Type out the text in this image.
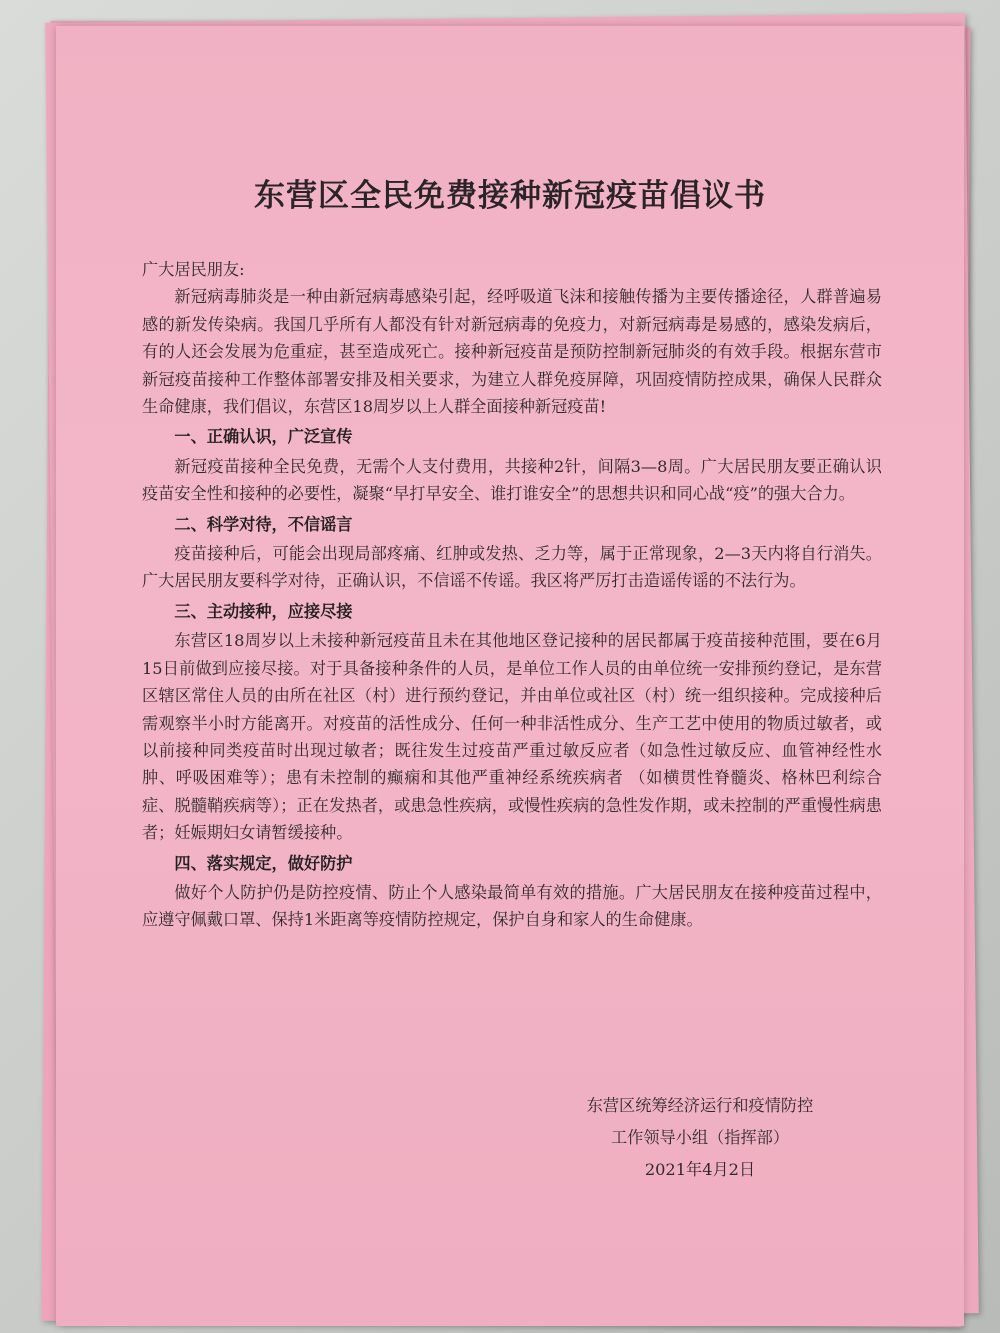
东营区全民免费接种新冠疫苗倡议书

广大居民朋友:

新冠病毒肺炎是一种由新冠病毒感染引起，经呼吸道飞沫和接触传播为主要传播途径，人群普遍易感的新发传染病。我国几乎所有人都没有针对新冠病毒的免疫力，对新冠病毒是易感的，感染发病后，有的人还会发展为危重症，甚至造成死亡。接种新冠疫苗是预防控制新冠肺炎的有效手段。根据东营市新冠疫苗接种工作整体部署安排及相关要求，为建立人群免疫屏障，巩固疫情防控成果，确保人民群众生命健康，我们倡议，东营区18周岁以上人群全面接种新冠疫苗!

一、正确认识，广泛宣传

新冠疫苗接种全民免费，无需个人支付费用，共接种2针，间隔3—8周。广大居民朋友要正确认识疫苗安全性和接种的必要性，凝聚“早打早安全、谁打谁安全”的思想共识和同心战“疫”的强大合力。

二、科学对待，不信谣言

疫苗接种后，可能会出现局部疼痛、红肿或发热、乏力等，属于正常现象，2—3天内将自行消失。广大居民朋友要科学对待，正确认识，不信谣不传谣。我区将严厉打击造谣传谣的不法行为。

三、主动接种，应接尽接

东营区18周岁以上未接种新冠疫苗且未在其他地区登记接种的居民都属于疫苗接种范围，要在6月15日前做到应接尽接。对于具备接种条件的人员，是单位工作人员的由单位统一安排预约登记，是东营区辖区常住人员的由所在社区（村）进行预约登记，并由单位或社区（村）统一组织接种。完成接种后需观察半小时方能离开。对疫苗的活性成分、任何一种非活性成分、生产工艺中使用的物质过敏者，或以前接种同类疫苗时出现过敏者；既往发生过疫苗严重过敏反应者（如急性过敏反应、血管神经性水肿、呼吸困难等）；患有未控制的癫痫和其他严重神经系统疾病者 （如横贯性脊髓炎、格林巴利综合症、脱髓鞘疾病等）；正在发热者，或患急性疾病，或慢性疾病的急性发作期，或未控制的严重慢性病患者；妊娠期妇女请暂缓接种。

四、落实规定，做好防护

做好个人防护仍是防控疫情、防止个人感染最简单有效的措施。广大居民朋友在接种疫苗过程中，应遵守佩戴口罩、保持1米距离等疫情防控规定，保护自身和家人的生命健康。

东营区统筹经济运行和疫情防控
工作领导小组（指挥部）
2021年4月2日
